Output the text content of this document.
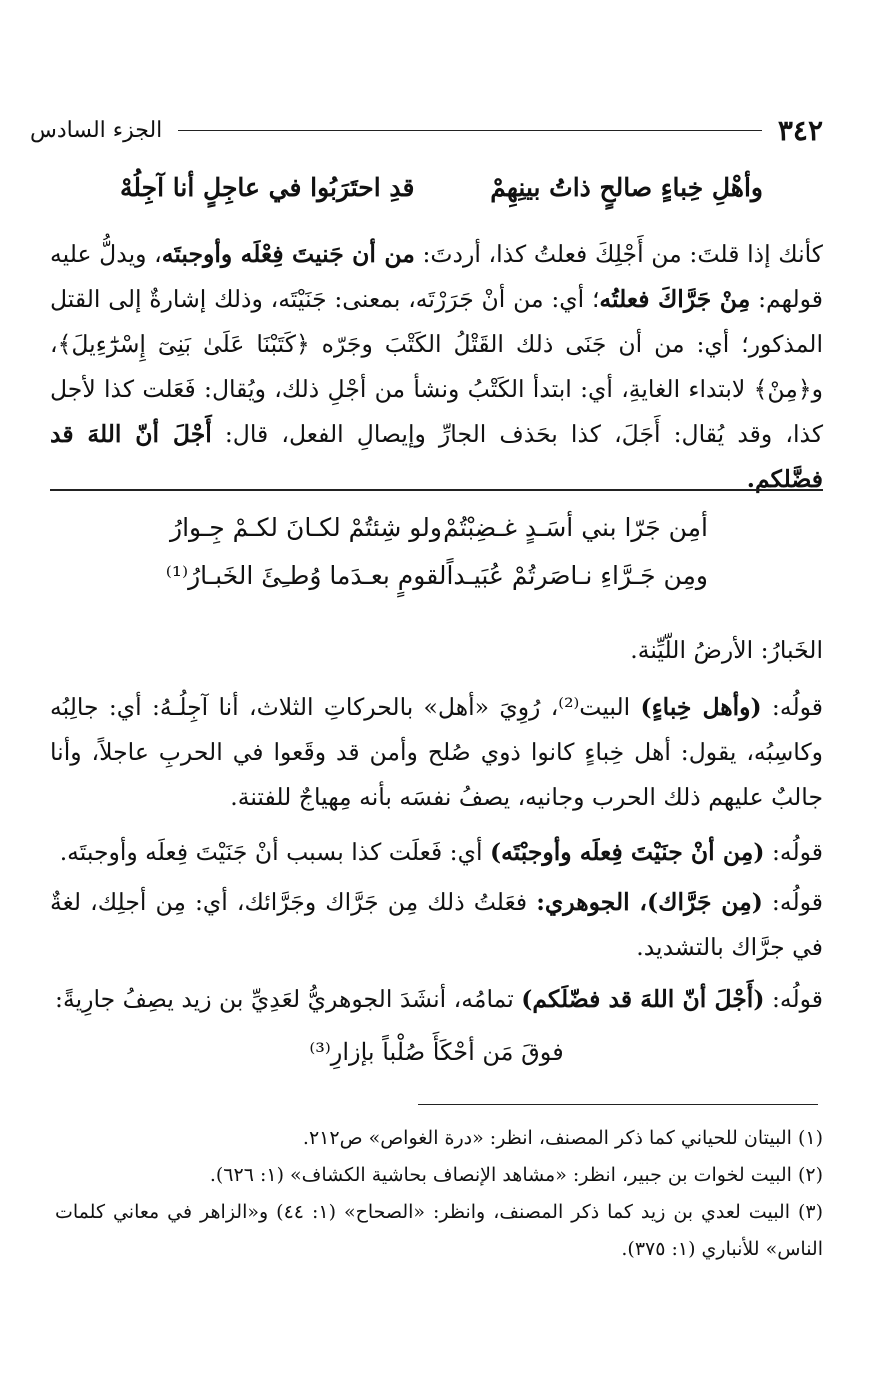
٣٤٢
الجزء السادس
وأهْلِ خِباءٍ صالحٍ ذاتُ بينِهِمْ
قدِ احتَرَبُوا في عاجِلٍ أنا آجِلُهْ
كأنك إذا قلتَ: من أَجْلِكَ فعلتُ كذا، أردتَ: من أن جَنيتَ فِعْلَه وأوجبتَه، ويدلُّ عليه قولهم: مِنْ جَرَّاكَ فعلتُه؛ أي: من أنْ جَرَرْتَه، بمعنى: جَنَيْتَه، وذلك إشارةٌ إلى القتل المذكور؛ أي: من أن جَنَى ذلك القَتْلُ الكَتْبَ وجَرّه ﴿كَتَبْنَا عَلَىٰ بَنِىٓ إِسْرَٰٓءِيلَ﴾، و﴿مِنْ﴾ لابتداء الغايةِ، أي: ابتدأ الكَتْبُ ونشأ من أجْلِ ذلك، ويُقال: فَعَلت كذا لأجل كذا، وقد يُقال: أَجَلَ، كذا بحَذف الجارِّ وإيصالِ الفعل، قال: أَجْلَ أنّ اللهَ قد فضَّلكم.
أمِن جَرّا بني أسَـدٍ غـضِبْتُمْ
ولو شِئتُمْ لكـانَ لكـمْ جِـوارُ
ومِن جَـرَّاءِ نـاصَرتُمْ عُبَيـداً
لقومٍ بعـدَما وُطـِئَ الخَبـارُ⁽¹⁾
الخَبارُ: الأرضُ اللّيِّنة.
قولُه: (وأهل خِباءٍ) البيت⁽²⁾، رُوِيَ «أهل» بالحركاتِ الثلاث، أنا آجِلُـهُ: أي: جالِبُه وكاسِبُه، يقول: أهل خِباءٍ كانوا ذوي صُلح وأمن قد وقَعوا في الحربِ عاجلاً، وأنا جالبٌ عليهم ذلك الحرب وجانيه، يصفُ نفسَه بأنه مِهياجٌ للفتنة.
قولُه: (مِن أنْ جنَيْتَ فِعلَه وأوجبْتَه) أي: فَعلَت كذا بسبب أنْ جَنَيْتَ فِعلَه وأوجبتَه.
قولُه: (مِن جَرَّاك)، الجوهري: فعَلتُ ذلك مِن جَرَّاك وجَرَّائك، أي: مِن أجلِك، لغةٌ في جرَّاك بالتشديد.
قولُه: (أَجْلَ أنّ اللهَ قد فضّلَكم) تمامُه، أنشَدَ الجوهريُّ لعَدِيِّ بن زيد يصِفُ جارِيةً:
فوقَ مَن أحْكَأَ صُلْباً بإزارِ⁽³⁾
(١) البيتان للحياني كما ذكر المصنف، انظر: «درة الغواص» ص٢١٢.
(٢) البيت لخوات بن جبير، انظر: «مشاهد الإنصاف بحاشية الكشاف» (١: ٦٢٦).
(٣) البيت لعدي بن زيد كما ذكر المصنف، وانظر: «الصحاح» (١: ٤٤) و«الزاهر في معاني كلمات الناس» للأنباري (١: ٣٧٥).
